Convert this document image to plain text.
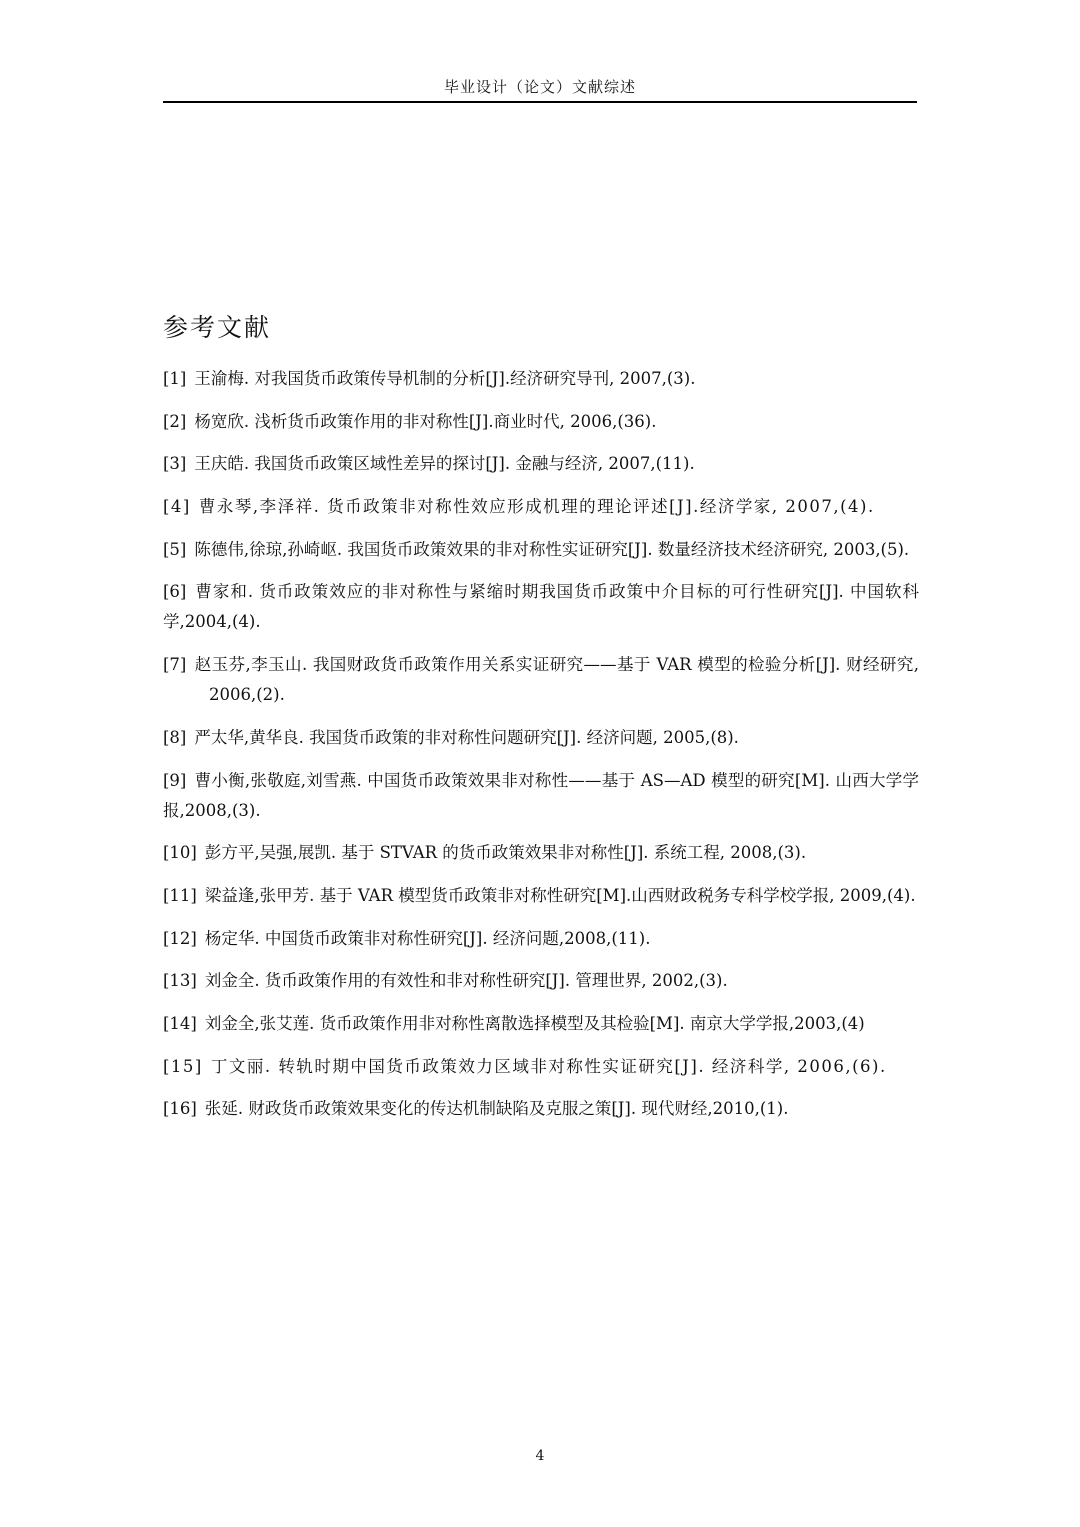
毕业设计（论文）文献综述
参考文献
[1] 王渝梅. 对我国货币政策传导机制的分析[J].经济研究导刊, 2007,(3).
[2] 杨宽欣. 浅析货币政策作用的非对称性[J].商业时代, 2006,(36).
[3] 王庆皓. 我国货币政策区域性差异的探讨[J]. 金融与经济, 2007,(11).
[4] 曹永琴,李泽祥. 货币政策非对称性效应形成机理的理论评述[J].经济学家, 2007,(4).
[5] 陈德伟,徐琼,孙崎岖. 我国货币政策效果的非对称性实证研究[J]. 数量经济技术经济研究, 2003,(5).
[6] 曹家和. 货币政策效应的非对称性与紧缩时期我国货币政策中介目标的可行性研究[J]. 中国软科学,2004,(4).
[7] 赵玉芬,李玉山. 我国财政货币政策作用关系实证研究——基于 VAR 模型的检验分析[J]. 财经研究, 2006,(2).
[8] 严太华,黄华良. 我国货币政策的非对称性问题研究[J]. 经济问题, 2005,(8).
[9] 曹小衡,张敬庭,刘雪燕. 中国货币政策效果非对称性——基于 AS—AD 模型的研究[M]. 山西大学学报,2008,(3).
[10] 彭方平,吴强,展凯. 基于 STVAR 的货币政策效果非对称性[J]. 系统工程, 2008,(3).
[11] 梁益逢,张甲芳. 基于 VAR 模型货币政策非对称性研究[M].山西财政税务专科学校学报, 2009,(4).
[12] 杨定华. 中国货币政策非对称性研究[J]. 经济问题,2008,(11).
[13] 刘金全. 货币政策作用的有效性和非对称性研究[J]. 管理世界, 2002,(3).
[14] 刘金全,张艾莲. 货币政策作用非对称性离散选择模型及其检验[M]. 南京大学学报,2003,(4)
[15] 丁文丽. 转轨时期中国货币政策效力区域非对称性实证研究[J]. 经济科学, 2006,(6).
[16] 张延. 财政货币政策效果变化的传达机制缺陷及克服之策[J]. 现代财经,2010,(1).
4
